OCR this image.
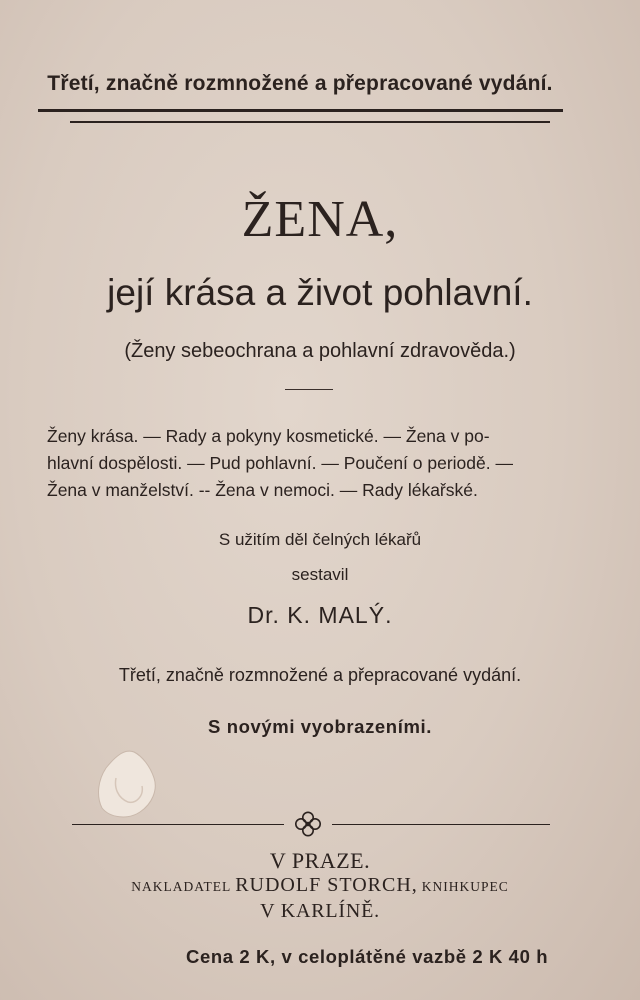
Třetí, značně rozmnožené a přepracované vydání.
ŽENA,
její krása a život pohlavní.
(Ženy sebeochrana a pohlavní zdravověda.)
Ženy krása. — Rady a pokyny kosmetické. — Žena v po-
hlavní dospělosti. — Pud pohlavní. — Poučení o periodě. —
Žena v manželství. -- Žena v nemoci. — Rady lékařské.
S užitím děl čelných lékařů
sestavil
Dr. K. MALÝ.
Třetí, značně rozmnožené a přepracované vydání.
S novými vyobrazeními.
V PRAZE.
NAKLADATEL RUDOLF STORCH, KNIHKUPEC
V KARLÍNĚ.
Cena 2 K, v celoplátěné vazbě 2 K 40 h
